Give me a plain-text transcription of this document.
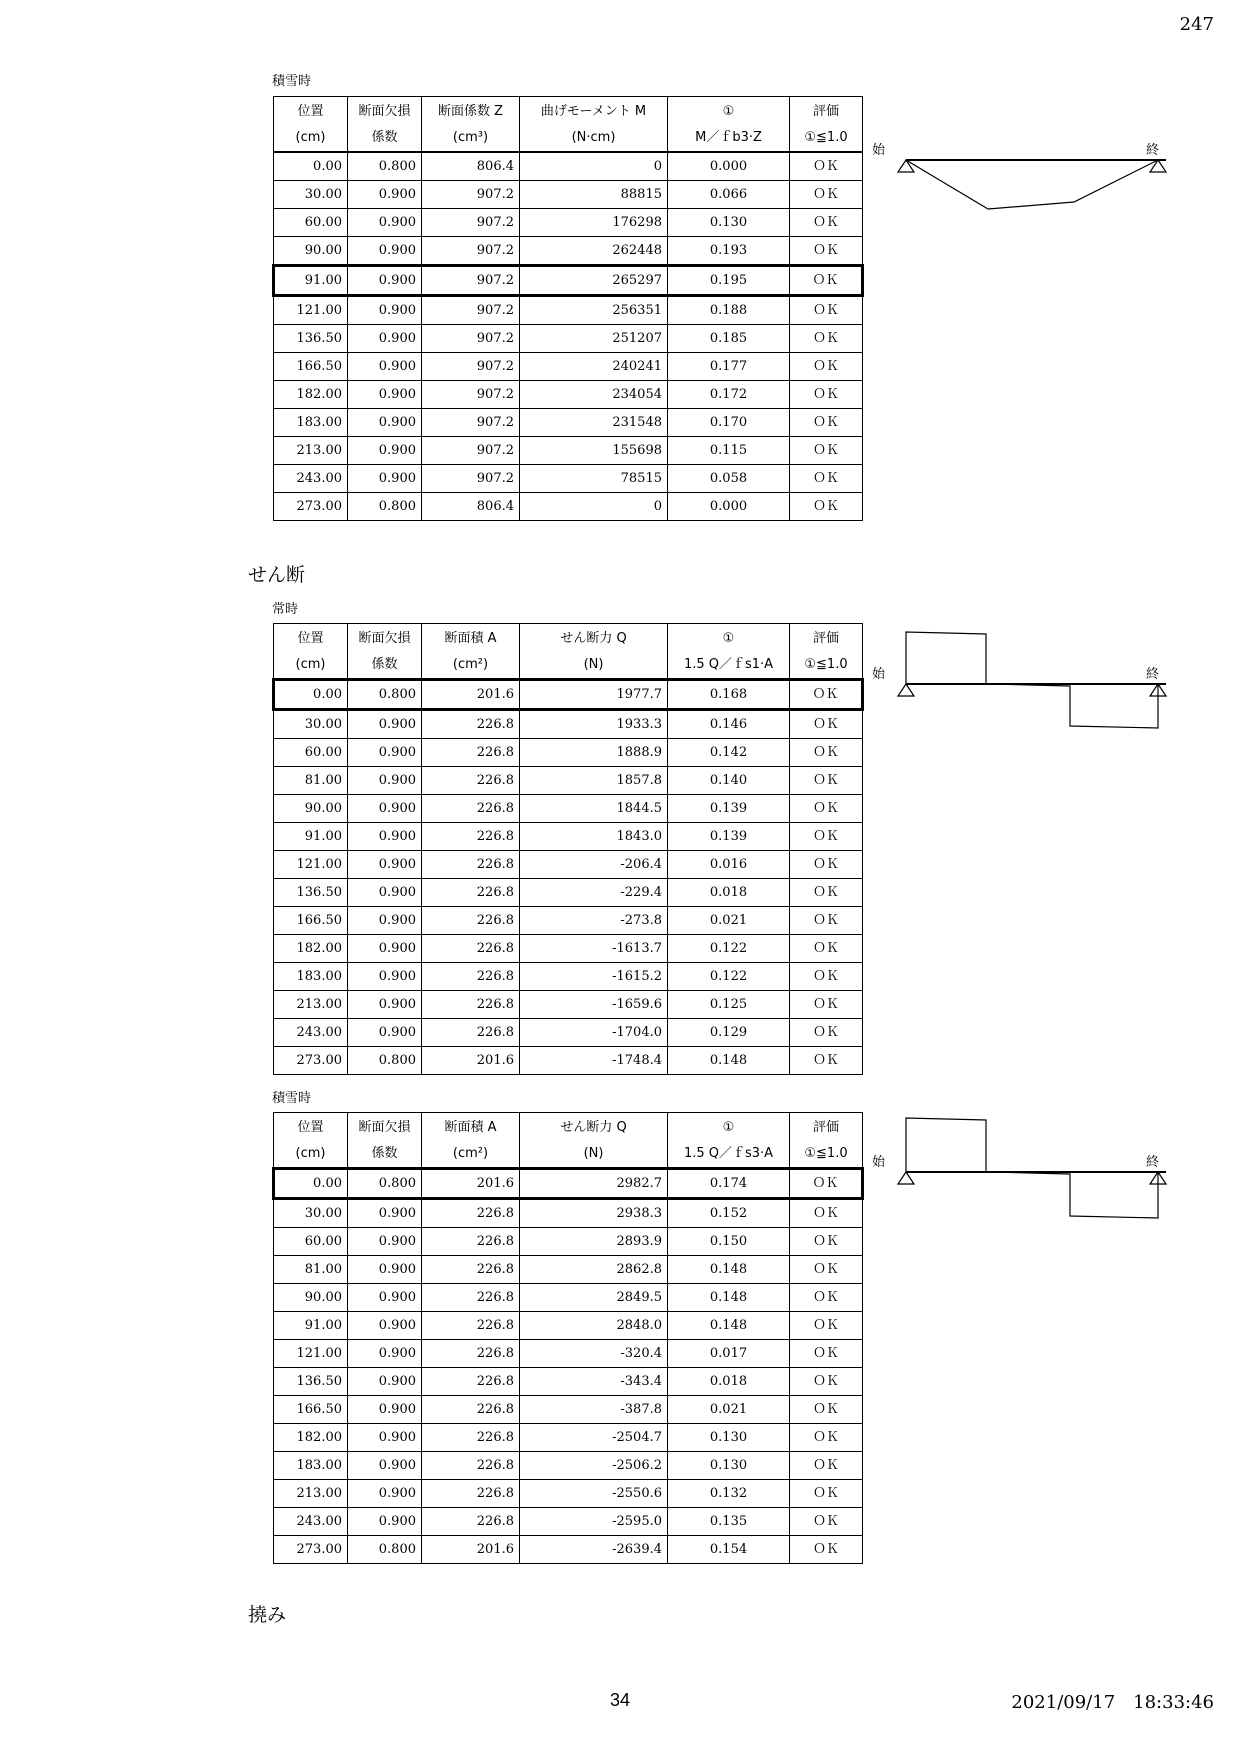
247
積雪時
位置	断面欠損	断面係数 Z	曲げモーメント M	①	評価
(cm)	係数	(cm³)	(N·cm)	M／ｆb3·Z	①≦1.0
0.00	0.800	806.4	0	0.000	ＯＫ
30.00	0.900	907.2	88815	0.066	ＯＫ
60.00	0.900	907.2	176298	0.130	ＯＫ
90.00	0.900	907.2	262448	0.193	ＯＫ
91.00	0.900	907.2	265297	0.195	ＯＫ
121.00	0.900	907.2	256351	0.188	ＯＫ
136.50	0.900	907.2	251207	0.185	ＯＫ
166.50	0.900	907.2	240241	0.177	ＯＫ
182.00	0.900	907.2	234054	0.172	ＯＫ
183.00	0.900	907.2	231548	0.170	ＯＫ
213.00	0.900	907.2	155698	0.115	ＯＫ
243.00	0.900	907.2	78515	0.058	ＯＫ
273.00	0.800	806.4	0	0.000	ＯＫ
始	終
せん断
常時
位置	断面欠損	断面積 A	せん断力 Q	①	評価
(cm)	係数	(cm²)	(N)	1.5 Q／ｆs1·A	①≦1.0
0.00	0.800	201.6	1977.7	0.168	ＯＫ
30.00	0.900	226.8	1933.3	0.146	ＯＫ
60.00	0.900	226.8	1888.9	0.142	ＯＫ
81.00	0.900	226.8	1857.8	0.140	ＯＫ
90.00	0.900	226.8	1844.5	0.139	ＯＫ
91.00	0.900	226.8	1843.0	0.139	ＯＫ
121.00	0.900	226.8	-206.4	0.016	ＯＫ
136.50	0.900	226.8	-229.4	0.018	ＯＫ
166.50	0.900	226.8	-273.8	0.021	ＯＫ
182.00	0.900	226.8	-1613.7	0.122	ＯＫ
183.00	0.900	226.8	-1615.2	0.122	ＯＫ
213.00	0.900	226.8	-1659.6	0.125	ＯＫ
243.00	0.900	226.8	-1704.0	0.129	ＯＫ
273.00	0.800	201.6	-1748.4	0.148	ＯＫ
始	終
積雪時
位置	断面欠損	断面積 A	せん断力 Q	①	評価
(cm)	係数	(cm²)	(N)	1.5 Q／ｆs3·A	①≦1.0
0.00	0.800	201.6	2982.7	0.174	ＯＫ
30.00	0.900	226.8	2938.3	0.152	ＯＫ
60.00	0.900	226.8	2893.9	0.150	ＯＫ
81.00	0.900	226.8	2862.8	0.148	ＯＫ
90.00	0.900	226.8	2849.5	0.148	ＯＫ
91.00	0.900	226.8	2848.0	0.148	ＯＫ
121.00	0.900	226.8	-320.4	0.017	ＯＫ
136.50	0.900	226.8	-343.4	0.018	ＯＫ
166.50	0.900	226.8	-387.8	0.021	ＯＫ
182.00	0.900	226.8	-2504.7	0.130	ＯＫ
183.00	0.900	226.8	-2506.2	0.130	ＯＫ
213.00	0.900	226.8	-2550.6	0.132	ＯＫ
243.00	0.900	226.8	-2595.0	0.135	ＯＫ
273.00	0.800	201.6	-2639.4	0.154	ＯＫ
始	終
撓み
34	2021/09/17　18:33:46
